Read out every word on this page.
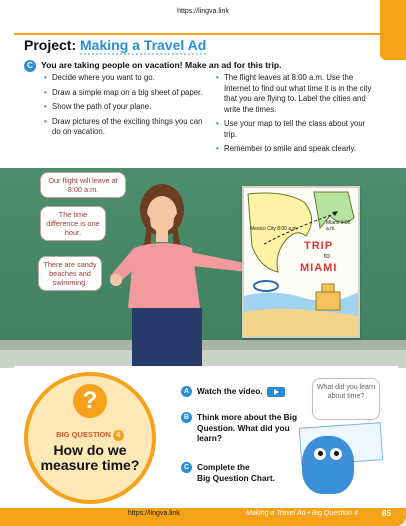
https://lingva.link
Project: Making a Travel Ad
C You are taking people on vacation! Make an ad for this trip.
• Decide where you want to go.
• Draw a simple map on a big sheet of paper.
• Show the path of your plane.
• Draw pictures of the exciting things you can do on vacation.
• The flight leaves at 8:00 a.m. Use the Internet to find out what time it is in the city that you are flying to. Label the cities and write the times.
• Use your map to tell the class about your trip.
• Remember to smile and speak clearly.
Our flight will leave at 8:00 a.m.
The time difference is one hour.
There are sandy beaches and swimming.
Mexico City 8:00 a.m.
Miami 9:00 a.m.
TRIP
to
MIAMI
?
BIG QUESTION 4
How do we measure time?
A Watch the video.
B Think more about the Big Question. What did you learn?
C Complete the
Big Question Chart.
What did you learn about time?
https://lingva.link	Making a Travel Ad • Big Question 4	85
